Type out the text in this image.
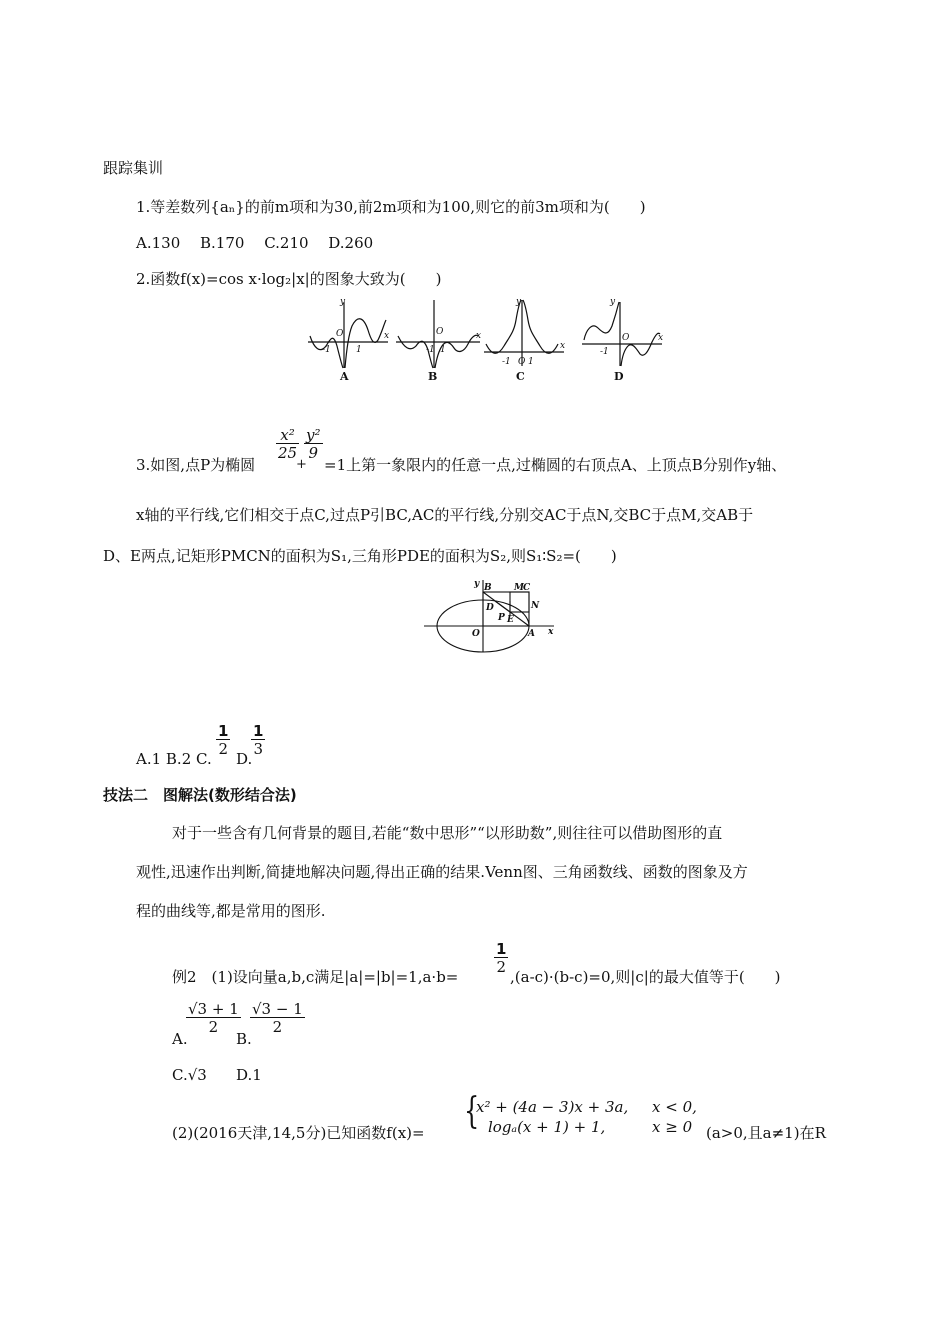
跟踪集训
1.等差数列{aₙ}的前m项和为30,前2m项和为100,则它的前3m项和为(　　)
A.130　 B.170　 C.210　 D.260
2.函数f(x)=cos x·log₂|x|的图象大致为(　　)
y
x
O
-1	1
O	x
-1 1
y
x
-1 O 1
y
x
O
-1
A	B	C	D
3.如图,点P为椭圆
$\frac{\text{x²}}{25}$
+
$\frac{\text{y²}}{9}$
=1上第一象限内的任意一点,过椭圆的右顶点A、上顶点B分别作y轴、
x轴的平行线,它们相交于点C,过点P引BC,AC的平行线,分别交AC于点N,交BC于点M,交AB于
D、E两点,记矩形PMCN的面积为S₁,三角形PDE的面积为S₂,则S₁∶S₂=(　　)
y
x
B M C
N
D
P E
O	A
A.1 B.2 C.
$\frac{1}{2}$
D.
$\frac{1}{3}$
技法二　图解法(数形结合法)
对于一些含有几何背景的题目,若能“数中思形”“以形助数”,则往往可以借助图形的直
观性,迅速作出判断,简捷地解决问题,得出正确的结果.Venn图、三角函数线、函数的图象及方
程的曲线等,都是常用的图形.
例2　(1)设向量a,b,c满足|a|=|b|=1,a·b=
$\frac{1}{2}$
,(a-c)·(b-c)=0,则|c|的最大值等于(　　)
A.
$\frac{√3 + 1}{2}$
B.
$\frac{√3 - 1}{2}$
C.√3 D.1
(2)(2016天津,14,5分)已知函数f(x)=
{
x² + (4a − 3)x + 3a, x < 0,
logₐ(x + 1) + 1,	x ≥ 0 (a>0,且a≠1)在R
